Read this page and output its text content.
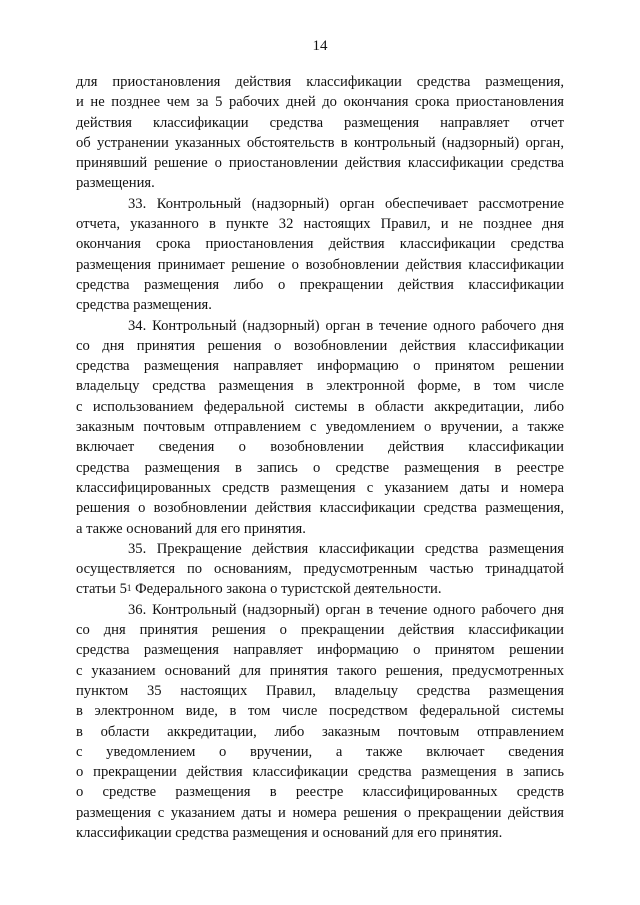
14

для приостановления действия классификации средства размещения,
и не позднее чем за 5 рабочих дней до окончания срока приостановления
действия классификации средства размещения направляет отчет
об устранении указанных обстоятельств в контрольный (надзорный) орган,
принявший решение о приостановлении действия классификации средства
размещения.

33. Контрольный (надзорный) орган обеспечивает рассмотрение
отчета, указанного в пункте 32 настоящих Правил, и не позднее дня
окончания срока приостановления действия классификации средства
размещения принимает решение о возобновлении действия классификации
средства размещения либо о прекращении действия классификации
средства размещения.

34. Контрольный (надзорный) орган в течение одного рабочего дня
со дня принятия решения о возобновлении действия классификации
средства размещения направляет информацию о принятом решении
владельцу средства размещения в электронной форме, в том числе
с использованием федеральной системы в области аккредитации, либо
заказным почтовым отправлением с уведомлением о вручении, а также
включает сведения о возобновлении действия классификации
средства размещения в запись о средстве размещения в реестре
классифицированных средств размещения с указанием даты и номера
решения о возобновлении действия классификации средства размещения,
а также оснований для его принятия.

35. Прекращение действия классификации средства размещения
осуществляется по основаниям, предусмотренным частью тринадцатой
статьи $5^1$ Федерального закона о туристской деятельности.

36. Контрольный (надзорный) орган в течение одного рабочего дня
со дня принятия решения о прекращении действия классификации
средства размещения направляет информацию о принятом решении
с указанием оснований для принятия такого решения, предусмотренных
пунктом 35 настоящих Правил, владельцу средства размещения
в электронном виде, в том числе посредством федеральной системы
в области аккредитации, либо заказным почтовым отправлением
с уведомлением о вручении, а также включает сведения
о прекращении действия классификации средства размещения в запись
о средстве размещения в реестре классифицированных средств
размещения с указанием даты и номера решения о прекращении действия
классификации средства размещения и оснований для его принятия.
